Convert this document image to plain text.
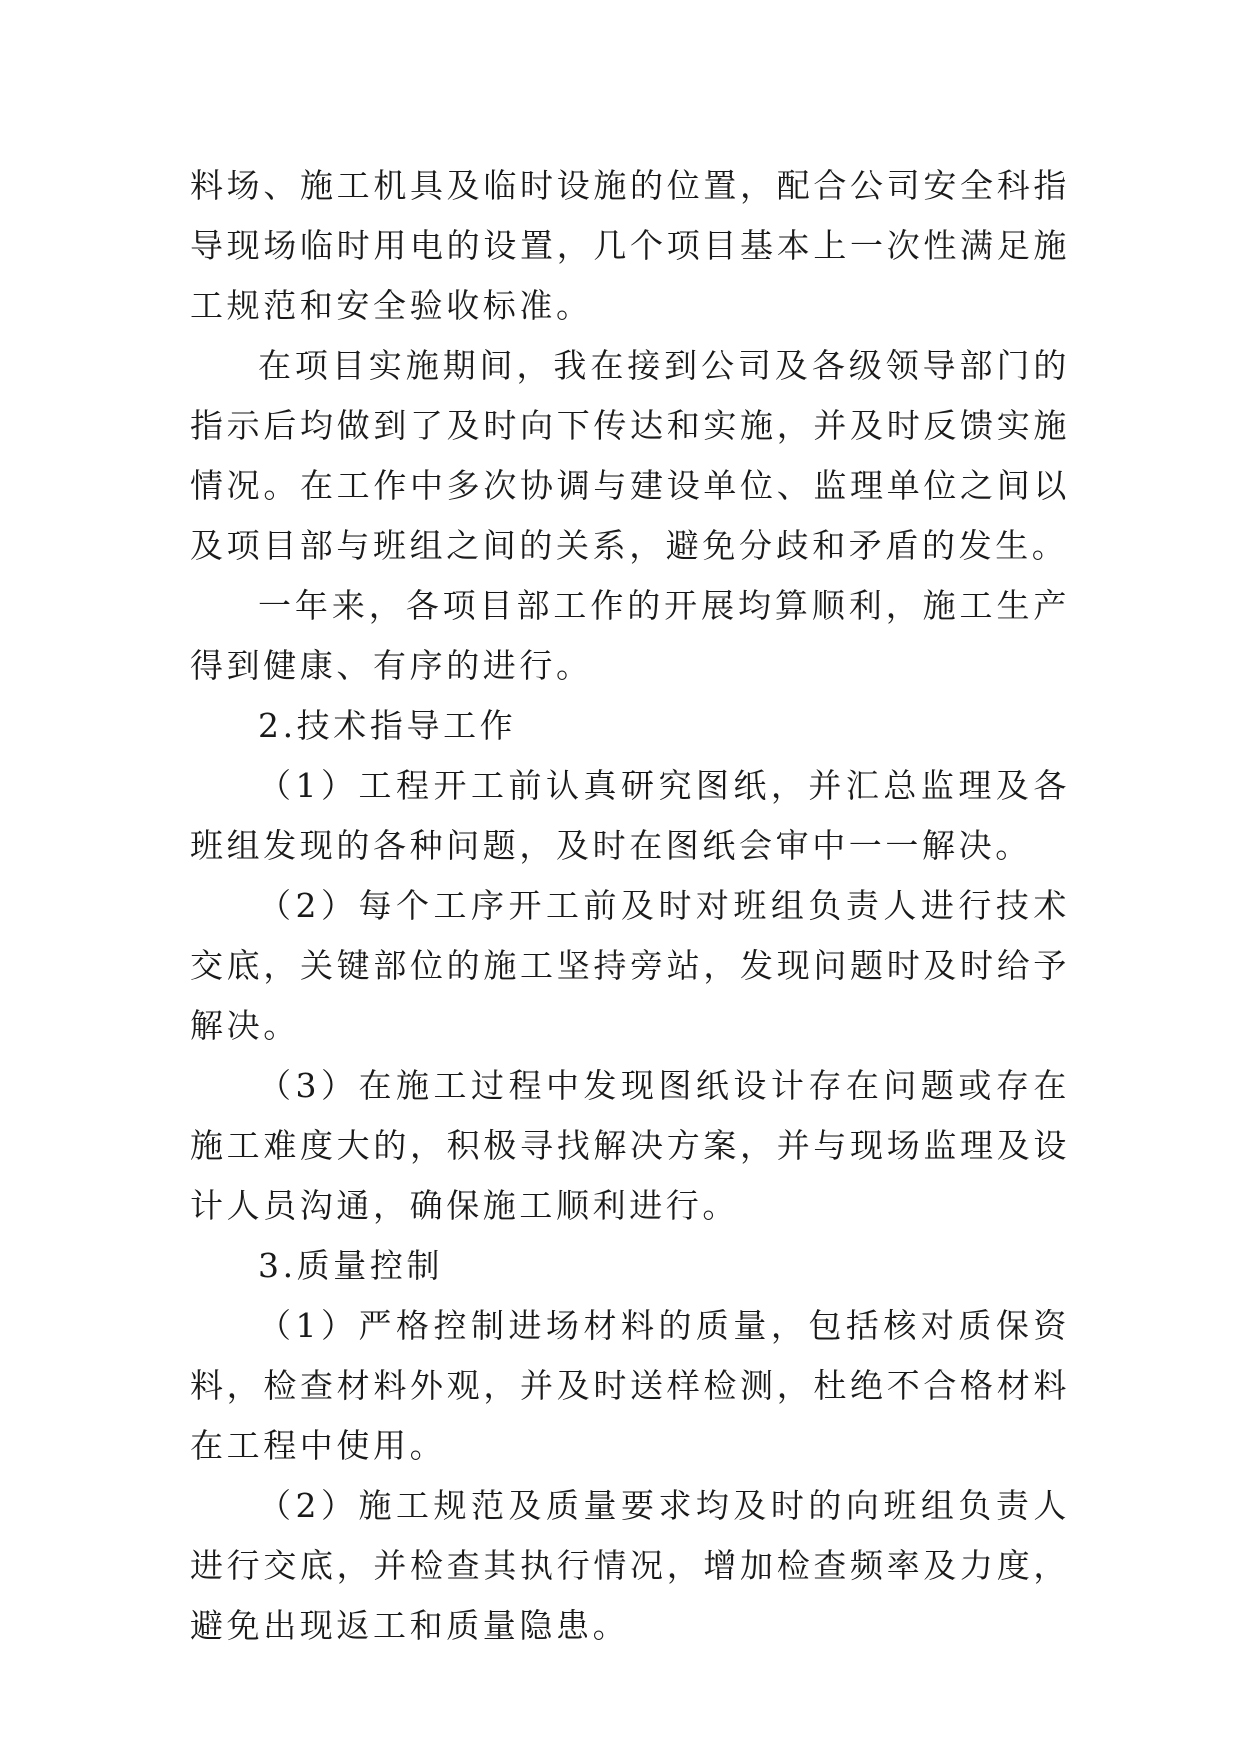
料场、施工机具及临时设施的位置，配合公司安全科指导现场临时用电的设置，几个项目基本上一次性满足施工规范和安全验收标准。

在项目实施期间，我在接到公司及各级领导部门的指示后均做到了及时向下传达和实施，并及时反馈实施情况。在工作中多次协调与建设单位、监理单位之间以及项目部与班组之间的关系，避免分歧和矛盾的发生。

一年来，各项目部工作的开展均算顺利，施工生产得到健康、有序的进行。

2.技术指导工作

（1）工程开工前认真研究图纸，并汇总监理及各班组发现的各种问题，及时在图纸会审中一一解决。

（2）每个工序开工前及时对班组负责人进行技术交底，关键部位的施工坚持旁站，发现问题时及时给予解决。

（3）在施工过程中发现图纸设计存在问题或存在施工难度大的，积极寻找解决方案，并与现场监理及设计人员沟通，确保施工顺利进行。

3.质量控制

（1）严格控制进场材料的质量，包括核对质保资料，检查材料外观，并及时送样检测，杜绝不合格材料在工程中使用。

（2）施工规范及质量要求均及时的向班组负责人进行交底，并检查其执行情况，增加检查频率及力度，避免出现返工和质量隐患。
